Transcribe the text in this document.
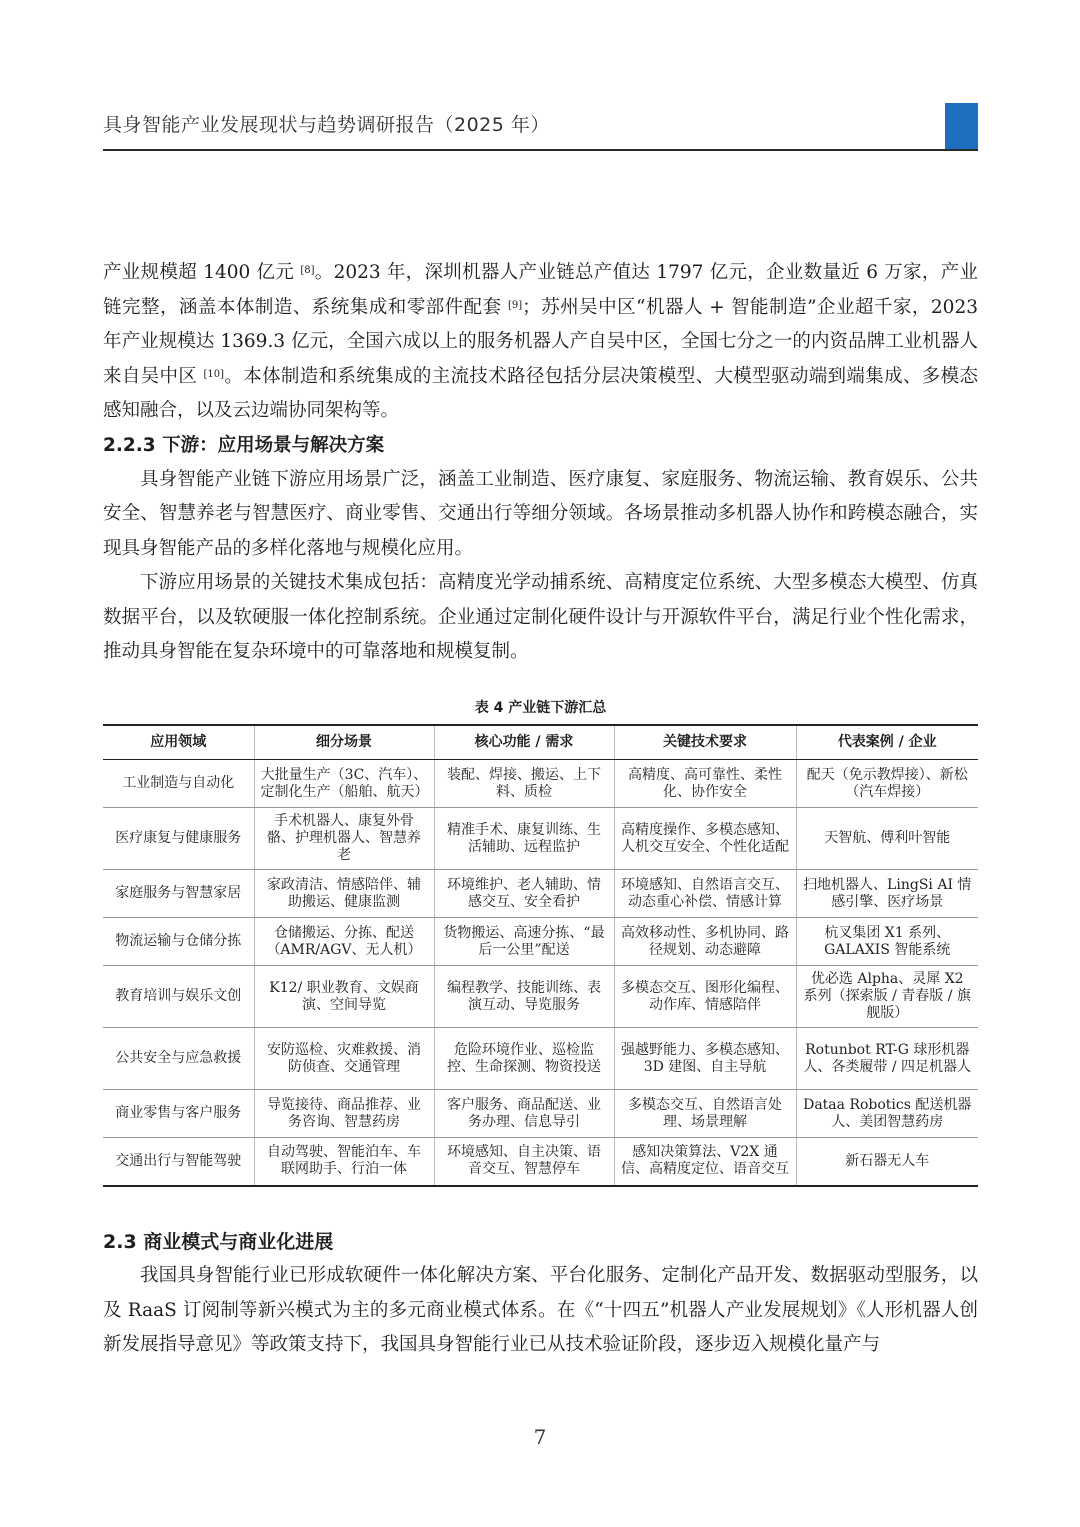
具身智能产业发展现状与趋势调研报告（2025 年）

产业规模超 1400 亿元 [8]。2023 年，深圳机器人产业链总产值达 1797 亿元，企业数量近 6 万家，产业链完整，涵盖本体制造、系统集成和零部件配套 [9]；苏州吴中区“机器人 + 智能制造”企业超千家，2023 年产业规模达 1369.3 亿元，全国六成以上的服务机器人产自吴中区，全国七分之一的内资品牌工业机器人来自吴中区 [10]。本体制造和系统集成的主流技术路径包括分层决策模型、大模型驱动端到端集成、多模态感知融合，以及云边端协同架构等。

2.2.3 下游：应用场景与解决方案

具身智能产业链下游应用场景广泛，涵盖工业制造、医疗康复、家庭服务、物流运输、教育娱乐、公共安全、智慧养老与智慧医疗、商业零售、交通出行等细分领域。各场景推动多机器人协作和跨模态融合，实现具身智能产品的多样化落地与规模化应用。

下游应用场景的关键技术集成包括：高精度光学动捕系统、高精度定位系统、大型多模态大模型、仿真数据平台，以及软硬服一体化控制系统。企业通过定制化硬件设计与开源软件平台，满足行业个性化需求，推动具身智能在复杂环境中的可靠落地和规模复制。

表 4 产业链下游汇总
应用领域	细分场景	核心功能 / 需求	关键技术要求	代表案例 / 企业
工业制造与自动化	大批量生产（3C、汽车）、定制化生产（船舶、航天）	装配、焊接、搬运、上下料、质检	高精度、高可靠性、柔性化、协作安全	配天（免示教焊接）、新松（汽车焊接）
医疗康复与健康服务	手术机器人、康复外骨骼、护理机器人、智慧养老	精准手术、康复训练、生活辅助、远程监护	高精度操作、多模态感知、人机交互安全、个性化适配	天智航、傅利叶智能
家庭服务与智慧家居	家政清洁、情感陪伴、辅助搬运、健康监测	环境维护、老人辅助、情感交互、安全看护	环境感知、自然语言交互、动态重心补偿、情感计算	扫地机器人、LingSi AI 情感引擎、医疗场景
物流运输与仓储分拣	仓储搬运、分拣、配送（AMR/AGV、无人机）	货物搬运、高速分拣、“最后一公里”配送	高效移动性、多机协同、路径规划、动态避障	杭叉集团 X1 系列、GALAXIS 智能系统
教育培训与娱乐文创	K12/ 职业教育、文娱商演、空间导览	编程教学、技能训练、表演互动、导览服务	多模态交互、图形化编程、动作库、情感陪伴	优必选 Alpha、灵犀 X2 系列（探索版 / 青春版 / 旗舰版）
公共安全与应急救援	安防巡检、灾难救援、消防侦查、交通管理	危险环境作业、巡检监控、生命探测、物资投送	强越野能力、多模态感知、3D 建图、自主导航	Rotunbot RT-G 球形机器人、各类履带 / 四足机器人
商业零售与客户服务	导览接待、商品推荐、业务咨询、智慧药房	客户服务、商品配送、业务办理、信息导引	多模态交互、自然语言处理、场景理解	Dataa Robotics 配送机器人、美团智慧药房
交通出行与智能驾驶	自动驾驶、智能泊车、车联网助手、行泊一体	环境感知、自主决策、语音交互、智慧停车	感知决策算法、V2X 通信、高精度定位、语音交互	新石器无人车
2.3 商业模式与商业化进展

我国具身智能行业已形成软硬件一体化解决方案、平台化服务、定制化产品开发、数据驱动型服务，以及 RaaS 订阅制等新兴模式为主的多元商业模式体系。在《“十四五”机器人产业发展规划》《人形机器人创新发展指导意见》等政策支持下，我国具身智能行业已从技术验证阶段，逐步迈入规模化量产与

7
